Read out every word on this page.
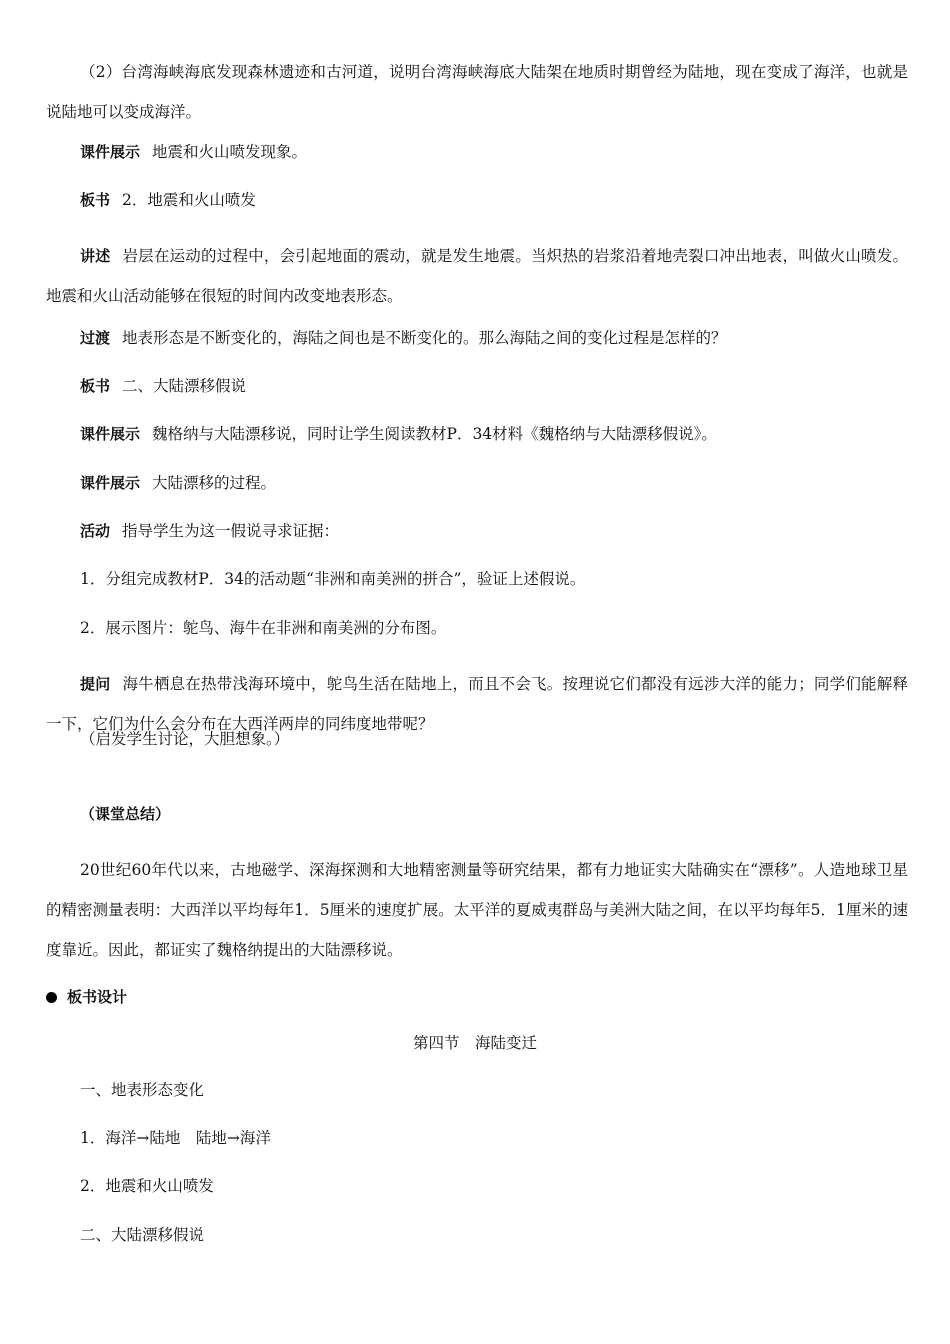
（2）台湾海峡海底发现森林遗迹和古河道，说明台湾海峡海底大陆架在地质时期曾经为陆地，现在变成了海洋，也就是说陆地可以变成海洋。

课件展示 地震和火山喷发现象。

板书 2．地震和火山喷发

讲述 岩层在运动的过程中，会引起地面的震动，就是发生地震。当炽热的岩浆沿着地壳裂口冲出地表，叫做火山喷发。地震和火山活动能够在很短的时间内改变地表形态。

过渡 地表形态是不断变化的，海陆之间也是不断变化的。那么海陆之间的变化过程是怎样的？

板书 二、大陆漂移假说

课件展示 魏格纳与大陆漂移说，同时让学生阅读教材P．34材料《魏格纳与大陆漂移假说》。

课件展示 大陆漂移的过程。

活动 指导学生为这一假说寻求证据：

1．分组完成教材P．34的活动题“非洲和南美洲的拼合”，验证上述假说。

2．展示图片：鸵鸟、海牛在非洲和南美洲的分布图。

提问 海牛栖息在热带浅海环境中，鸵鸟生活在陆地上，而且不会飞。按理说它们都没有远涉大洋的能力；同学们能解释一下，它们为什么会分布在大西洋两岸的同纬度地带呢？

（启发学生讨论，大胆想象。）

（课堂总结）

20世纪60年代以来，古地磁学、深海探测和大地精密测量等研究结果，都有力地证实大陆确实在“漂移”。人造地球卫星的精密测量表明：大西洋以平均每年1．5厘米的速度扩展。太平洋的夏威夷群岛与美洲大陆之间，在以平均每年5．1厘米的速度靠近。因此，都证实了魏格纳提出的大陆漂移说。

板书设计
第四节　海陆变迁

一、地表形态变化

1．海洋→陆地　陆地→海洋

2．地震和火山喷发

二、大陆漂移假说
